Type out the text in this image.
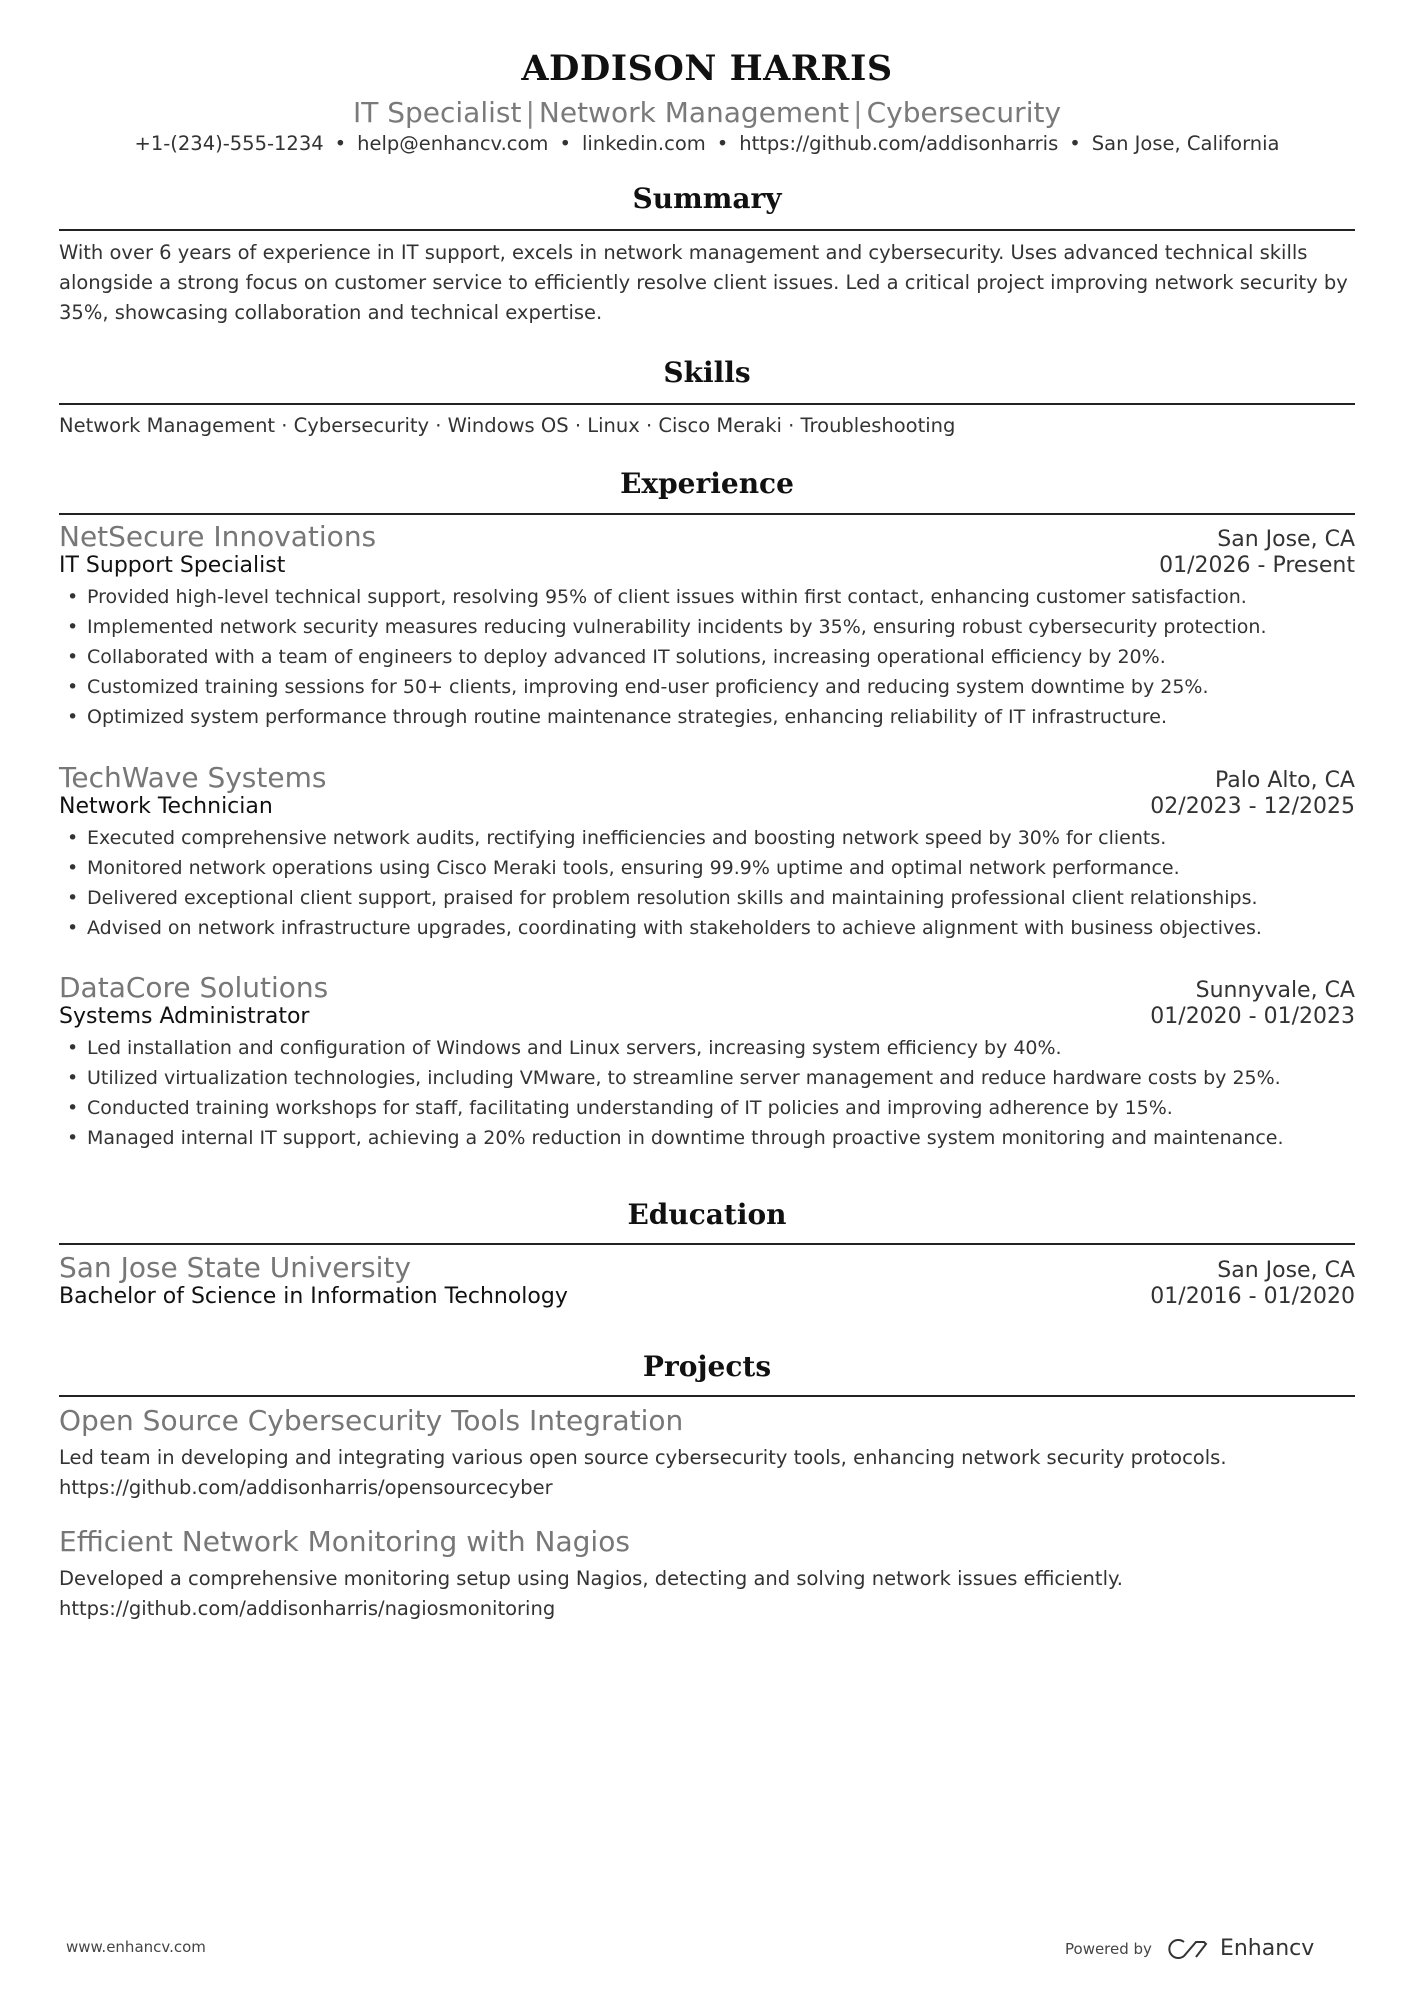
ADDISON HARRIS
IT Specialist | Network Management | Cybersecurity
+1-(234)-555-1234 • help@enhancv.com • linkedin.com • https://github.com/addisonharris • San Jose, California
Summary
With over 6 years of experience in IT support, excels in network management and cybersecurity. Uses advanced technical skills alongside a strong focus on customer service to efficiently resolve client issues. Led a critical project improving network security by 35%, showcasing collaboration and technical expertise.
Skills
Network Management · Cybersecurity · Windows OS · Linux · Cisco Meraki · Troubleshooting
Experience
NetSecure Innovations	San Jose, CA
IT Support Specialist	01/2026 - Present
• Provided high-level technical support, resolving 95% of client issues within first contact, enhancing customer satisfaction.
• Implemented network security measures reducing vulnerability incidents by 35%, ensuring robust cybersecurity protection.
• Collaborated with a team of engineers to deploy advanced IT solutions, increasing operational efficiency by 20%.
• Customized training sessions for 50+ clients, improving end-user proficiency and reducing system downtime by 25%.
• Optimized system performance through routine maintenance strategies, enhancing reliability of IT infrastructure.
TechWave Systems	Palo Alto, CA
Network Technician	02/2023 - 12/2025
• Executed comprehensive network audits, rectifying inefficiencies and boosting network speed by 30% for clients.
• Monitored network operations using Cisco Meraki tools, ensuring 99.9% uptime and optimal network performance.
• Delivered exceptional client support, praised for problem resolution skills and maintaining professional client relationships.
• Advised on network infrastructure upgrades, coordinating with stakeholders to achieve alignment with business objectives.
DataCore Solutions	Sunnyvale, CA
Systems Administrator	01/2020 - 01/2023
• Led installation and configuration of Windows and Linux servers, increasing system efficiency by 40%.
• Utilized virtualization technologies, including VMware, to streamline server management and reduce hardware costs by 25%.
• Conducted training workshops for staff, facilitating understanding of IT policies and improving adherence by 15%.
• Managed internal IT support, achieving a 20% reduction in downtime through proactive system monitoring and maintenance.
Education
San Jose State University	San Jose, CA
Bachelor of Science in Information Technology	01/2016 - 01/2020
Projects
Open Source Cybersecurity Tools Integration
Led team in developing and integrating various open source cybersecurity tools, enhancing network security protocols.
https://github.com/addisonharris/opensourcecyber
Efficient Network Monitoring with Nagios
Developed a comprehensive monitoring setup using Nagios, detecting and solving network issues efficiently.
https://github.com/addisonharris/nagiosmonitoring
www.enhancv.com	Powered by	Enhancv
